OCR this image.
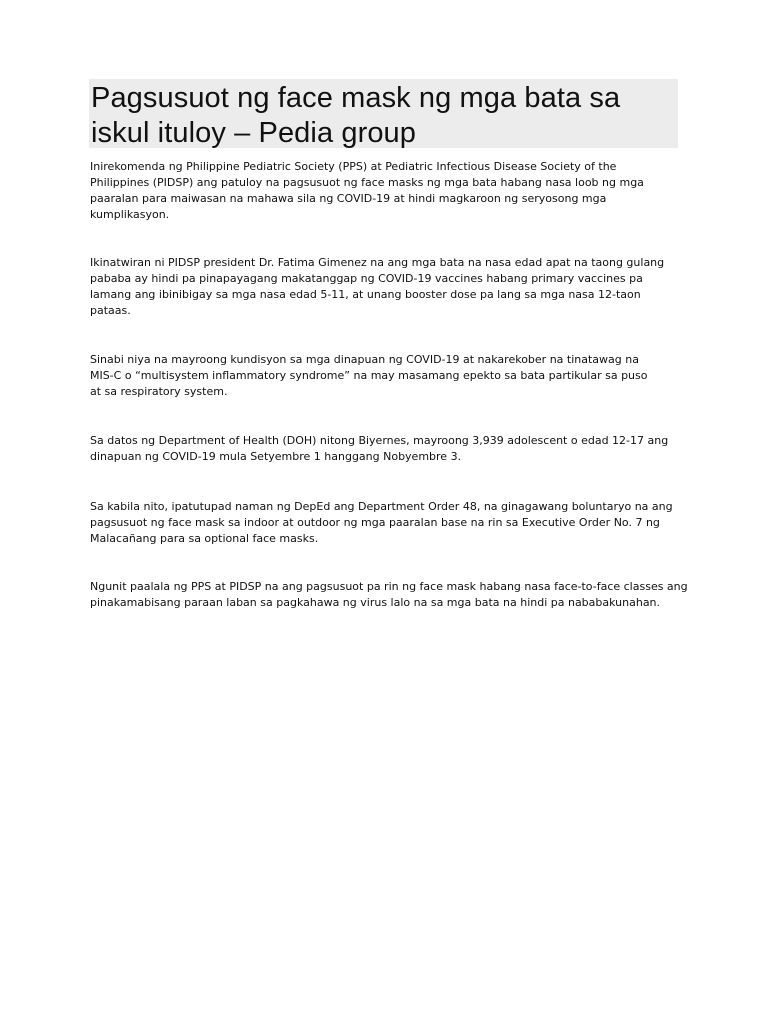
Pagsusuot ng face mask ng mga bata sa iskul ituloy – Pedia group

Inirekomenda ng Philippine Pediatric Society (PPS) at Pediatric Infectious Disease Society of the Philippines (PIDSP) ang patuloy na pagsusuot ng face masks ng mga bata habang nasa loob ng mga paaralan para maiwasan na mahawa sila ng COVID-19 at hindi magkaroon ng seryosong mga kumplikasyon.

Ikinatwiran ni PIDSP president Dr. Fatima Gimenez na ang mga bata na nasa edad apat na taong gulang pababa ay hindi pa pinapayagang makatanggap ng COVID-19 vaccines habang primary vaccines pa lamang ang ibinibigay sa mga nasa edad 5-11, at unang booster dose pa lang sa mga nasa 12-taon pataas.

Sinabi niya na mayroong kundisyon sa mga dinapuan ng COVID-19 at nakarekober na tinatawag na MIS-C o “multisystem inflammatory syndrome” na may masamang epekto sa bata partikular sa puso at sa respiratory system.

Sa datos ng Department of Health (DOH) nitong Biyernes, mayroong 3,939 adolescent o edad 12-17 ang dinapuan ng COVID-19 mula Setyembre 1 hanggang Nobyembre 3.

Sa kabila nito, ipatutupad naman ng DepEd ang Department Order 48, na ginagawang boluntaryo na ang pagsusuot ng face mask sa indoor at outdoor ng mga paaralan base na rin sa Executive Order No. 7 ng Malacañang para sa optional face masks.

Ngunit paalala ng PPS at PIDSP na ang pagsusuot pa rin ng face mask habang nasa face-to-face classes ang pinakamabisang paraan laban sa pagkahawa ng virus lalo na sa mga bata na hindi pa nababakunahan.
